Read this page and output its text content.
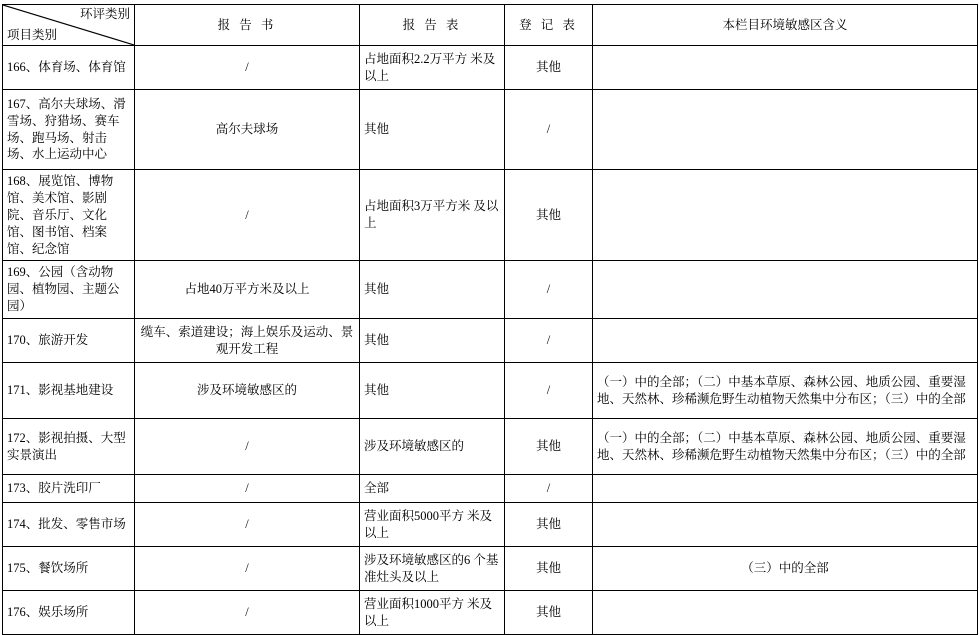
环评类别
项目类别	报 告 书	报 告 表	登 记 表	本栏目环境敏感区含义
166、体育场、体育馆	/	占地面积2.2万平方 米及以上	其他	
167、高尔夫球场、滑雪场、狩猎场、赛车场、跑马场、射击场、水上运动中心	高尔夫球场	其他	/	
168、展览馆、博物馆、美术馆、影剧院、音乐厅、文化馆、图书馆、档案馆、纪念馆	/	占地面积3万平方米 及以上	其他	
169、公园（含动物园、植物园、主题公园）	占地40万平方米及以上	其他	/	
170、旅游开发	缆车、索道建设；海上娱乐及运动、景观开发工程	其他	/	
171、影视基地建设	涉及环境敏感区的	其他	/	（一）中的全部；（二）中基本草原、森林公园、地质公园、重要湿地、天然林、珍稀濒危野生动植物天然集中分布区；（三）中的全部
172、影视拍摄、大型实景演出	/	涉及环境敏感区的	其他	（一）中的全部；（二）中基本草原、森林公园、地质公园、重要湿地、天然林、珍稀濒危野生动植物天然集中分布区；（三）中的全部
173、胶片洗印厂	/	全部	/	
174、批发、零售市场	/	营业面积5000平方 米及以上	其他	
175、餐饮场所	/	涉及环境敏感区的6 个基准灶头及以上	其他	（三）中的全部
176、娱乐场所	/	营业面积1000平方 米及以上	其他	
